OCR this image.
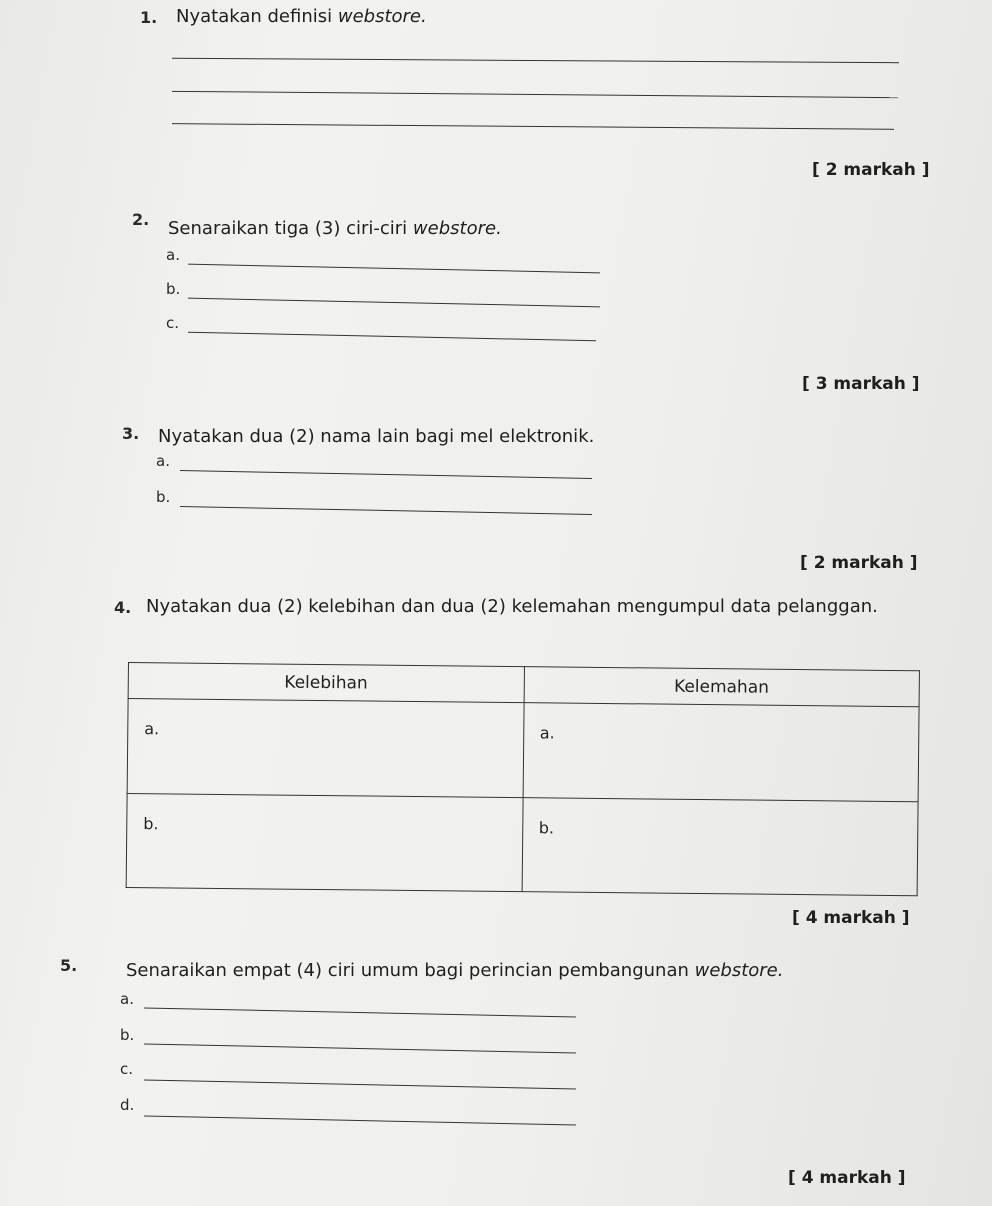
1. Nyatakan definisi webstore.
[ 2 markah ]
2. Senaraikan tiga (3) ciri-ciri webstore.
a.
b.
c.
[ 3 markah ]
3. Nyatakan dua (2) nama lain bagi mel elektronik.
a.
b.
[ 2 markah ]
4. Nyatakan dua (2) kelebihan dan dua (2) kelemahan mengumpul data pelanggan.
Kelebihan	Kelemahan
a.	a.
b.	b.
[ 4 markah ]
5.	Senaraikan empat (4) ciri umum bagi perincian pembangunan webstore.
a.
b.
c.
d.
[ 4 markah ]
